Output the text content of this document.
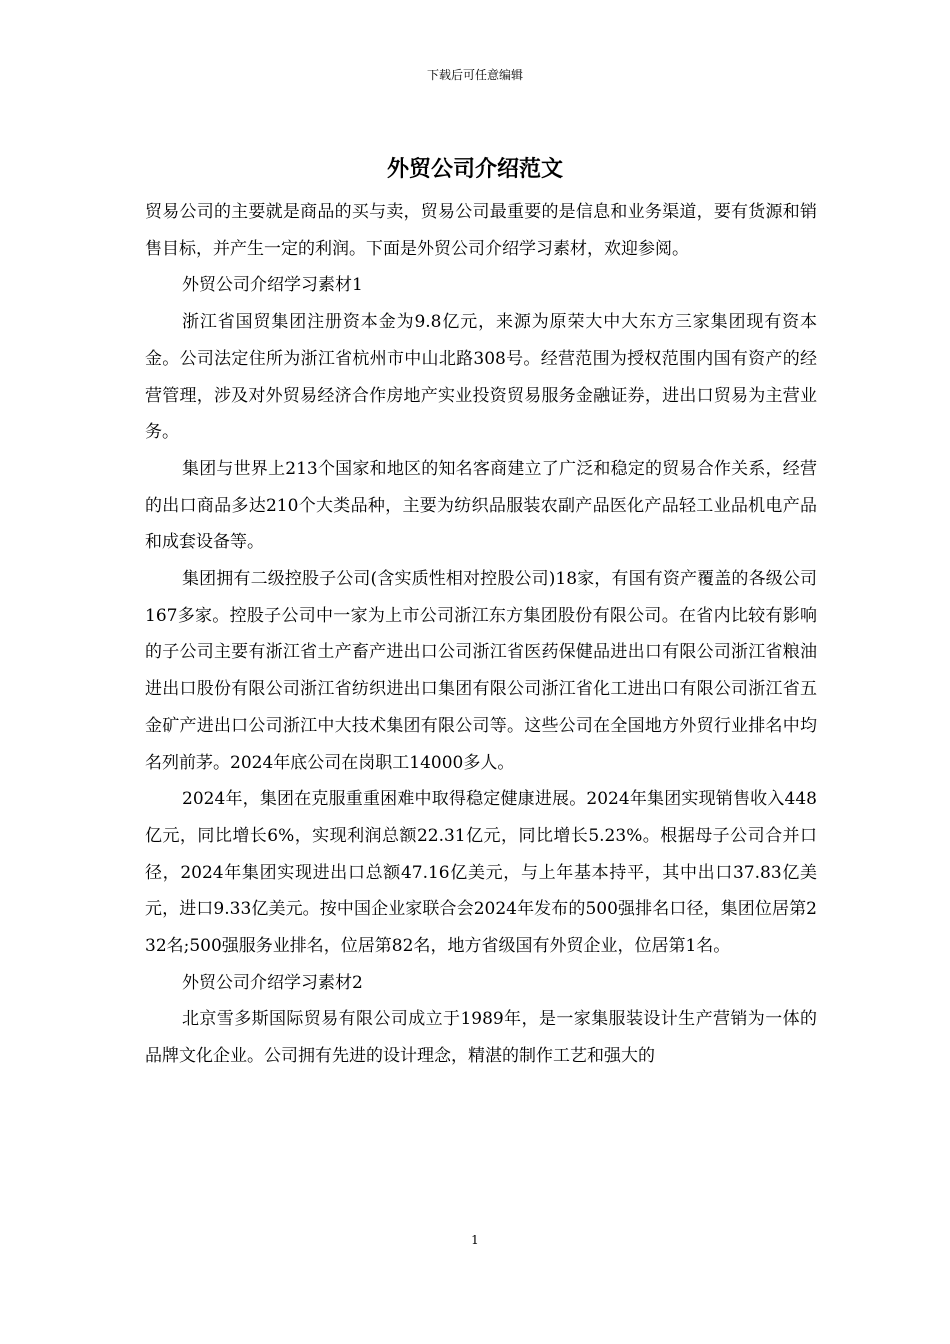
下载后可任意编辑
外贸公司介绍范文

贸易公司的主要就是商品的买与卖，贸易公司最重要的是信息和业务渠道，要有货源和销售目标，并产生一定的利润。下面是外贸公司介绍学习素材，欢迎参阅。

外贸公司介绍学习素材1

浙江省国贸集团注册资本金为9.8亿元，来源为原荣大中大东方三家集团现有资本金。公司法定住所为浙江省杭州市中山北路308号。经营范围为授权范围内国有资产的经营管理，涉及对外贸易经济合作房地产实业投资贸易服务金融证券，进出口贸易为主营业务。

集团与世界上213个国家和地区的知名客商建立了广泛和稳定的贸易合作关系，经营的出口商品多达210个大类品种，主要为纺织品服装农副产品医化产品轻工业品机电产品和成套设备等。

集团拥有二级控股子公司(含实质性相对控股公司)18家，有国有资产覆盖的各级公司167多家。控股子公司中一家为上市公司浙江东方集团股份有限公司。在省内比较有影响的子公司主要有浙江省土产畜产进出口公司浙江省医药保健品进出口有限公司浙江省粮油进出口股份有限公司浙江省纺织进出口集团有限公司浙江省化工进出口有限公司浙江省五金矿产进出口公司浙江中大技术集团有限公司等。这些公司在全国地方外贸行业排名中均名列前茅。2024年底公司在岗职工14000多人。

2024年，集团在克服重重困难中取得稳定健康进展。2024年集团实现销售收入448亿元，同比增长6%，实现利润总额22.31亿元，同比增长5.23%。根据母子公司合并口径，2024年集团实现进出口总额47.16亿美元，与上年基本持平，其中出口37.83亿美元，进口9.33亿美元。按中国企业家联合会2024年发布的500强排名口径，集团位居第232名;500强服务业排名，位居第82名，地方省级国有外贸企业，位居第1名。

外贸公司介绍学习素材2

北京雪多斯国际贸易有限公司成立于1989年，是一家集服装设计生产营销为一体的品牌文化企业。公司拥有先进的设计理念，精湛的制作工艺和强大的

1
